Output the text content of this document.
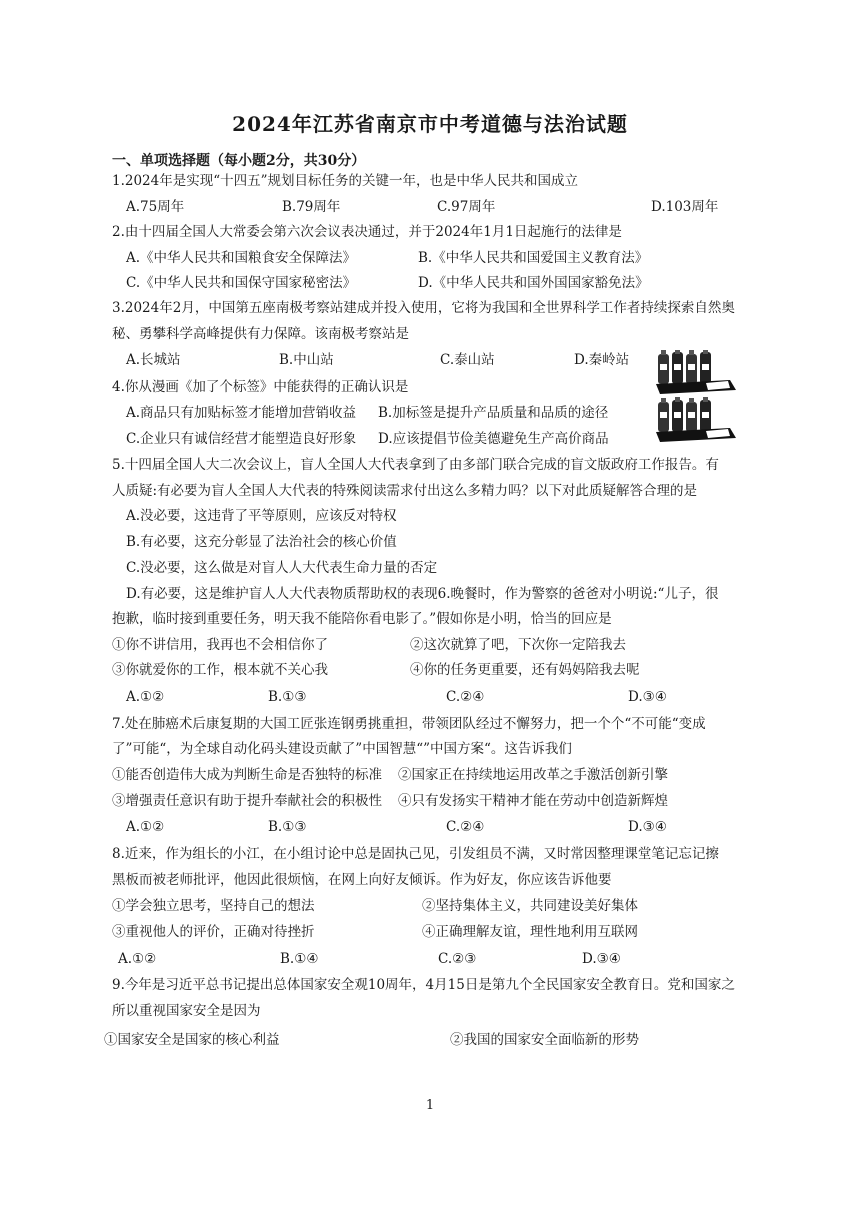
2024年江苏省南京市中考道德与法治试题
一、单项选择题（每小题2分，共30分）
1.2024年是实现“十四五”规划目标任务的关键一年，也是中华人民共和国成立
A.75周年	B.79周年	C.97周年	D.103周年
2.由十四届全国人大常委会第六次会议表决通过，并于2024年1月1日起施行的法律是
A.《中华人民共和国粮食安全保障法》	B.《中华人民共和国爱国主义教育法》
C.《中华人民共和国保守国家秘密法》	D.《中华人民共和国外国国家豁免法》
3.2024年2月，中国第五座南极考察站建成并投入使用，它将为我国和全世界科学工作者持续探索自然奥
秘、勇攀科学高峰提供有力保障。该南极考察站是
A.长城站	B.中山站	C.泰山站	D.秦岭站
4.你从漫画《加了个标签》中能获得的正确认识是
A.商品只有加贴标签才能增加营销收益 B.加标签是提升产品质量和品质的途径
C.企业只有诚信经营才能塑造良好形象 D.应该提倡节俭美德避免生产高价商品
5.十四届全国人大二次会议上，盲人全国人大代表拿到了由多部门联合完成的盲文版政府工作报告。有
人质疑:有必要为盲人全国人大代表的特殊阅读需求付出这么多精力吗？以下对此质疑解答合理的是
A.没必要，这违背了平等原则，应该反对特权
B.有必要，这充分彰显了法治社会的核心价值
C.没必要，这么做是对盲人人大代表生命力量的否定
D.有必要，这是维护盲人人大代表物质帮助权的表现6.晚餐时，作为警察的爸爸对小明说:“儿子，很
抱歉，临时接到重要任务，明天我不能陪你看电影了。”假如你是小明，恰当的回应是
①你不讲信用，我再也不会相信你了	②这次就算了吧，下次你一定陪我去
③你就爱你的工作，根本就不关心我	④你的任务更重要，还有妈妈陪我去呢
A.①②	B.①③	C.②④	D.③④
7.处在肺癌术后康复期的大国工匠张连钢勇挑重担，带领团队经过不懈努力，把一个个“不可能“变成
了”可能“，为全球自动化码头建设贡献了”中国智慧“”中国方案“。这告诉我们
①能否创造伟大成为判断生命是否独特的标准 ②国家正在持续地运用改革之手激活创新引擎
③增强责任意识有助于提升奉献社会的积极性 ④只有发扬实干精神才能在劳动中创造新辉煌
A.①②	B.①③	C.②④	D.③④
8.近来，作为组长的小江，在小组讨论中总是固执己见，引发组员不满，又时常因整理课堂笔记忘记擦
黑板而被老师批评，他因此很烦恼，在网上向好友倾诉。作为好友，你应该告诉他要
①学会独立思考，坚持自己的想法	②坚持集体主义，共同建设美好集体
③重视他人的评价，正确对待挫折	④正确理解友谊，理性地利用互联网
A.①②	B.①④	C.②③	D.③④
9.今年是习近平总书记提出总体国家安全观10周年，4月15日是第九个全民国家安全教育日。党和国家之
所以重视国家安全是因为
①国家安全是国家的核心利益	②我国的国家安全面临新的形势
1
